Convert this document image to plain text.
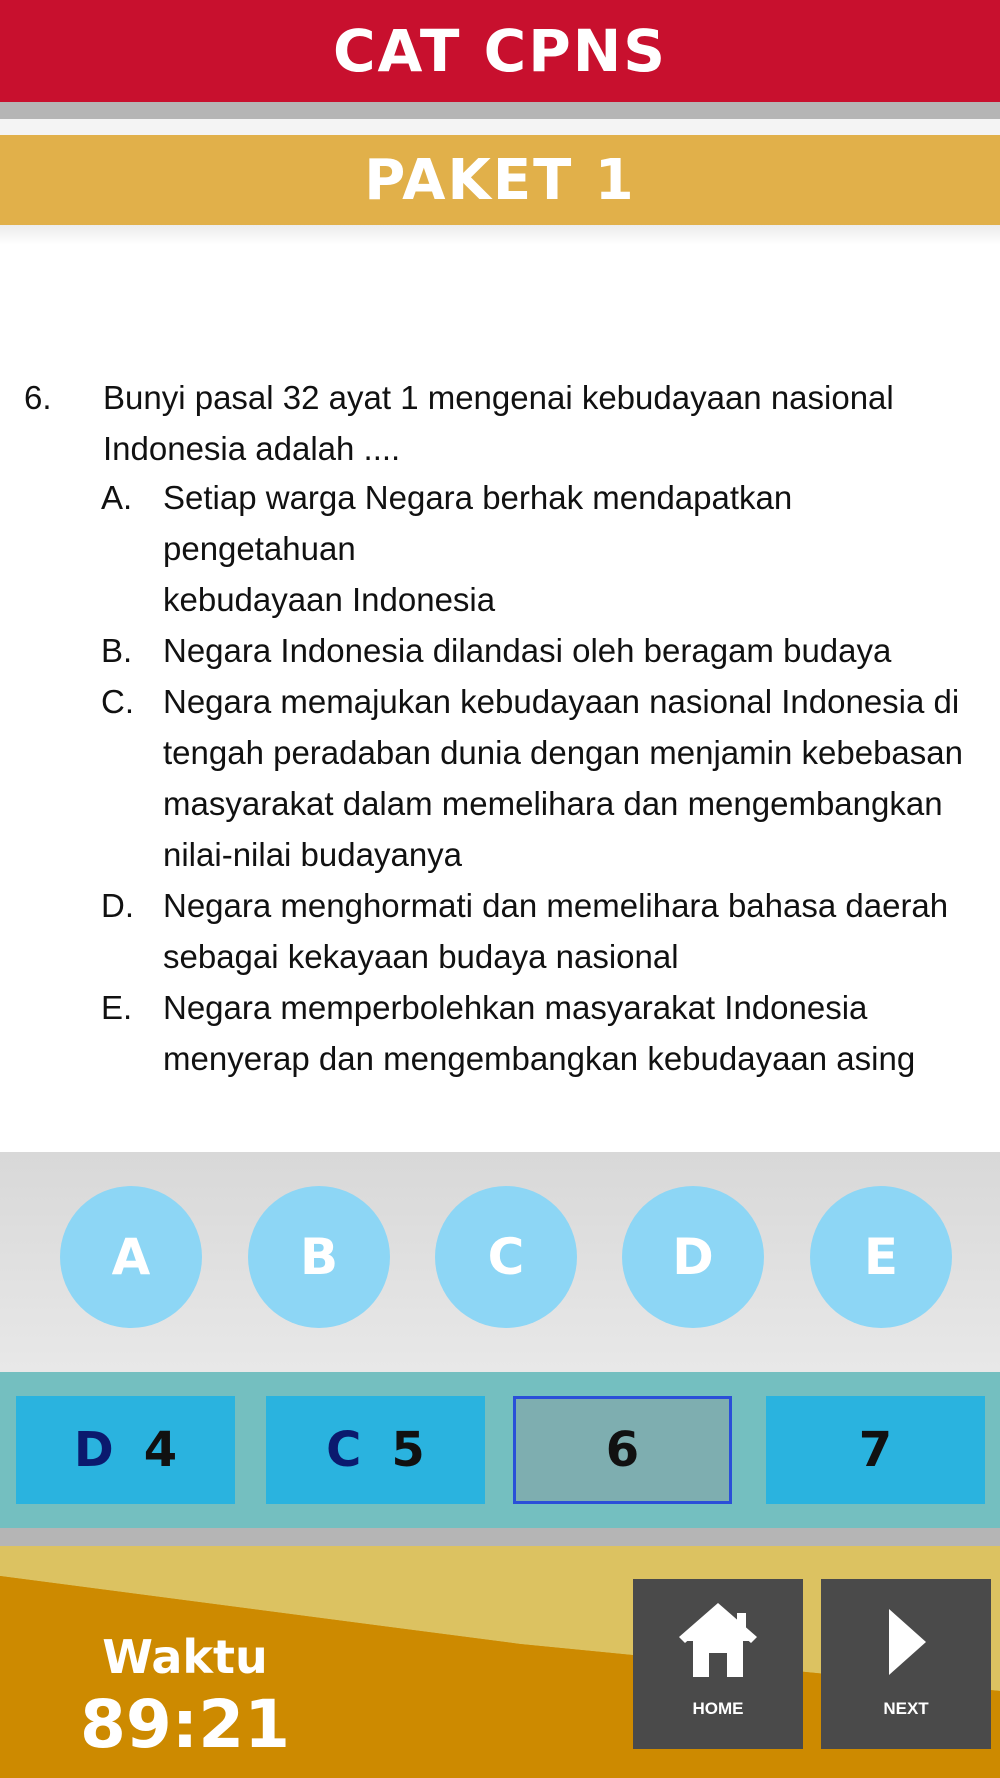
CAT CPNS
PAKET 1
6. Bunyi pasal 32 ayat 1 mengenai kebudayaan nasional
Indonesia adalah ....
A. Setiap warga Negara berhak mendapatkan pengetahuan
kebudayaan Indonesia
B. Negara Indonesia dilandasi oleh beragam budaya
C. Negara memajukan kebudayaan nasional Indonesia di
tengah peradaban dunia dengan menjamin kebebasan
masyarakat dalam memelihara dan mengembangkan
nilai-nilai budayanya
D. Negara menghormati dan memelihara bahasa daerah
sebagai kekayaan budaya nasional
E. Negara memperbolehkan masyarakat Indonesia
menyerap dan mengembangkan kebudayaan asing
A	B	C	D	E
D 4	C 5	6	7
Waktu
89:21	HOME	NEXT
